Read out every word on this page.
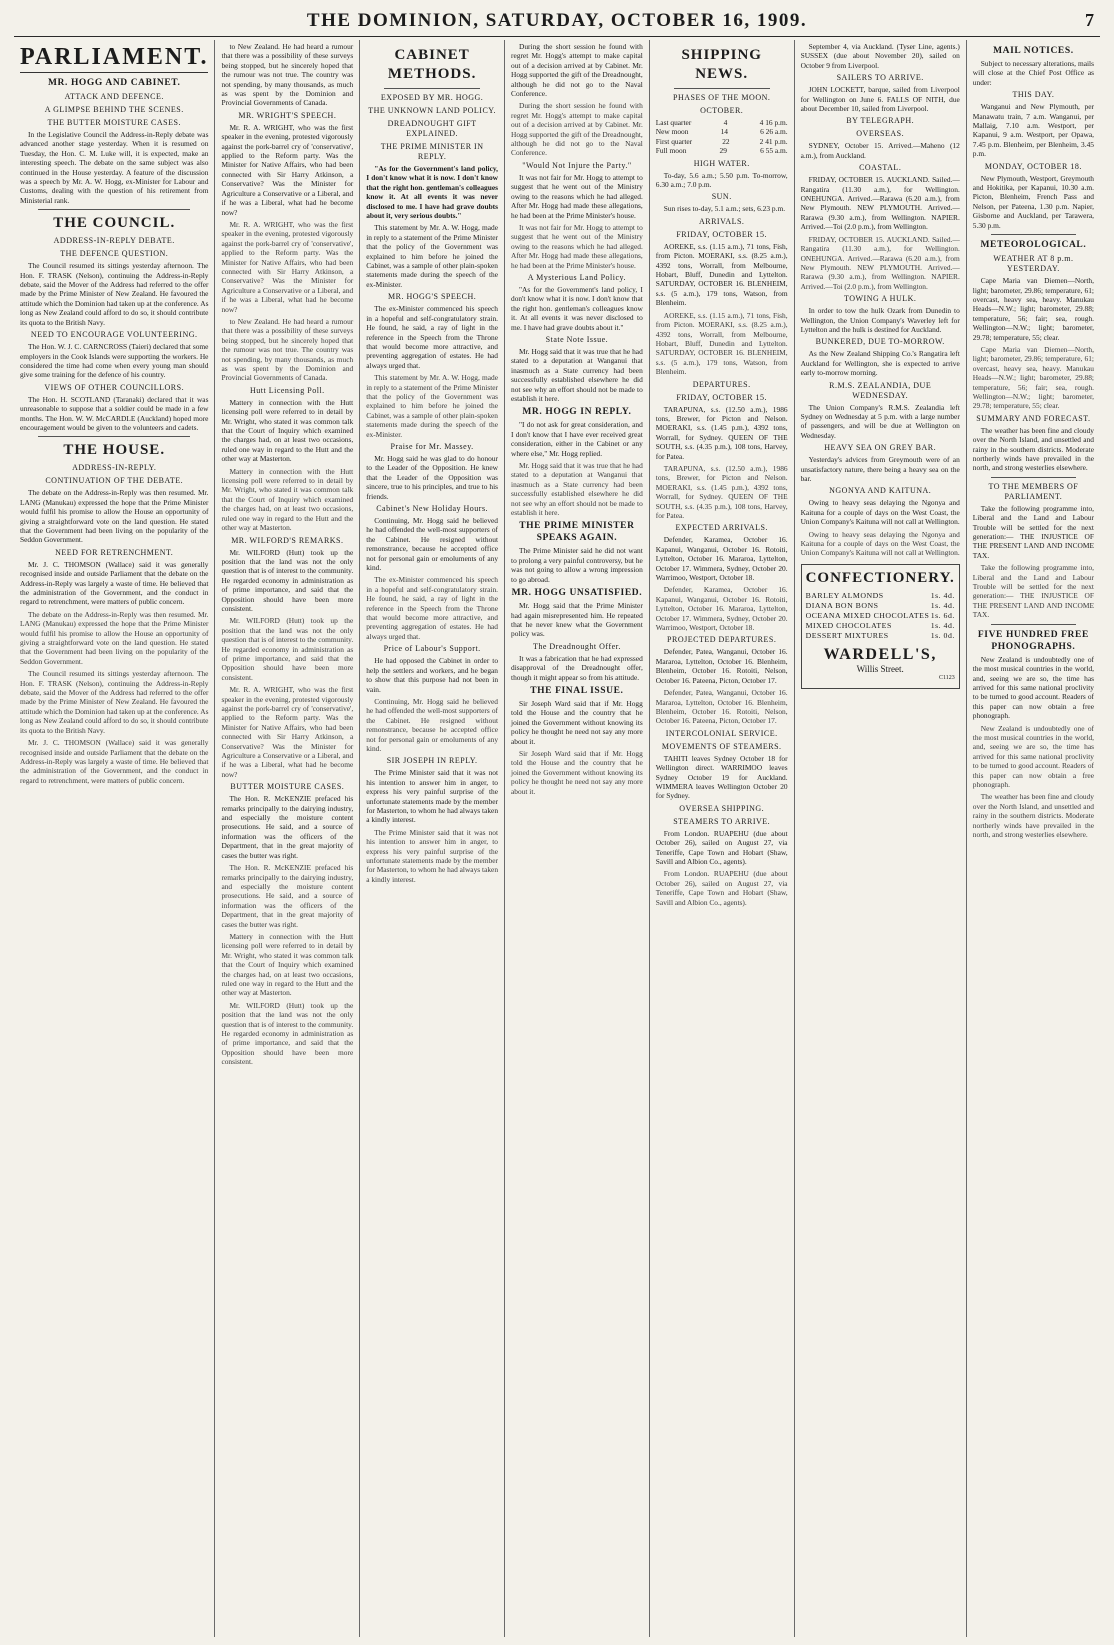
THE DOMINION, SATURDAY, OCTOBER 16, 1909.	7
PARLIAMENT.
MR. HOGG AND CABINET.
ATTACK AND DEFENCE.
A GLIMPSE BEHIND THE SCENES.
THE BUTTER MOISTURE CASES.

In the Legislative Council the Address-in-Reply debate was advanced another stage yesterday. When it is resumed on Tuesday, the Hon. C. M. Luke will, it is expected, make an interesting speech. The debate on the same subject was also continued in the House yesterday. A feature of the discussion was a speech by Mr. A. W. Hogg, ex-Minister for Labour and Customs, dealing with the question of his retirement from Ministerial rank.

THE COUNCIL.
ADDRESS-IN-REPLY DEBATE.
THE DEFENCE QUESTION.

The Council resumed its sittings yesterday afternoon. The Hon. F. TRASK (Nelson), continuing the Address-in-Reply debate, said the Mover of the Address had referred to the offer made by the Prime Minister of New Zealand. He favoured the attitude which the Dominion had taken up at the conference. As long as New Zealand could afford to do so, it should contribute its quota to the British Navy.

NEED TO ENCOURAGE VOLUNTEERING.

The Hon. W. J. C. CARNCROSS (Taieri) declared that some employers in the Cook Islands were supporting the workers. He considered the time had come when every young man should give some training for the defence of his country.

VIEWS OF OTHER COUNCILLORS.

The Hon. H. SCOTLAND (Taranaki) declared that it was unreasonable to suppose that a soldier could be made in a few months. The Hon. W. W. McCARDLE (Auckland) hoped more encouragement would be given to the volunteers and cadets.

THE HOUSE.
ADDRESS-IN-REPLY.
CONTINUATION OF THE DEBATE.

The debate on the Address-in-Reply was then resumed. Mr. LANG (Manukau) expressed the hope that the Prime Minister would fulfil his promise to allow the House an opportunity of giving a straightforward vote on the land question. He stated that the Government had been living on the popularity of the Seddon Government.

NEED FOR RETRENCHMENT.

Mr. J. C. THOMSON (Wallace) said it was generally recognised inside and outside Parliament that the debate on the Address-in-Reply was largely a waste of time. He believed that the administration of the Government, and the conduct in regard to retrenchment, were matters of public concern.

The debate on the Address-in-Reply was then resumed. Mr. LANG (Manukau) expressed the hope that the Prime Minister would fulfil his promise to allow the House an opportunity of giving a straightforward vote on the land question. He stated that the Government had been living on the popularity of the Seddon Government.

The Council resumed its sittings yesterday afternoon. The Hon. F. TRASK (Nelson), continuing the Address-in-Reply debate, said the Mover of the Address had referred to the offer made by the Prime Minister of New Zealand. He favoured the attitude which the Dominion had taken up at the conference. As long as New Zealand could afford to do so, it should contribute its quota to the British Navy.

Mr. J. C. THOMSON (Wallace) said it was generally recognised inside and outside Parliament that the debate on the Address-in-Reply was largely a waste of time. He believed that the administration of the Government, and the conduct in regard to retrenchment, were matters of public concern.

to New Zealand. He had heard a rumour that there was a possibility of these surveys being stopped, but he sincerely hoped that the rumour was not true. The country was not spending, by many thousands, as much as was spent by the Dominion and Provincial Governments of Canada.

MR. WRIGHT'S SPEECH.

Mr. R. A. WRIGHT, who was the first speaker in the evening, protested vigorously against the pork-barrel cry of 'conservative', applied to the Reform party. Was the Minister for Native Affairs, who had been connected with Sir Harry Atkinson, a Conservative? Was the Minister for Agriculture a Conservative or a Liberal, and if he was a Liberal, what had he become now?

Mr. R. A. WRIGHT, who was the first speaker in the evening, protested vigorously against the pork-barrel cry of 'conservative', applied to the Reform party. Was the Minister for Native Affairs, who had been connected with Sir Harry Atkinson, a Conservative? Was the Minister for Agriculture a Conservative or a Liberal, and if he was a Liberal, what had he become now?

to New Zealand. He had heard a rumour that there was a possibility of these surveys being stopped, but he sincerely hoped that the rumour was not true. The country was not spending, by many thousands, as much as was spent by the Dominion and Provincial Governments of Canada.

Hutt Licensing Poll.

Mattery in connection with the Hutt licensing poll were referred to in detail by Mr. Wright, who stated it was common talk that the Court of Inquiry which examined the charges had, on at least two occasions, ruled one way in regard to the Hutt and the other way at Masterton.

Mattery in connection with the Hutt licensing poll were referred to in detail by Mr. Wright, who stated it was common talk that the Court of Inquiry which examined the charges had, on at least two occasions, ruled one way in regard to the Hutt and the other way at Masterton.

MR. WILFORD'S REMARKS.

Mr. WILFORD (Hutt) took up the position that the land was not the only question that is of interest to the community. He regarded economy in administration as of prime importance, and said that the Opposition should have been more consistent.

Mr. WILFORD (Hutt) took up the position that the land was not the only question that is of interest to the community. He regarded economy in administration as of prime importance, and said that the Opposition should have been more consistent.

Mr. R. A. WRIGHT, who was the first speaker in the evening, protested vigorously against the pork-barrel cry of 'conservative', applied to the Reform party. Was the Minister for Native Affairs, who had been connected with Sir Harry Atkinson, a Conservative? Was the Minister for Agriculture a Conservative or a Liberal, and if he was a Liberal, what had he become now?

BUTTER MOISTURE CASES.

The Hon. R. McKENZIE prefaced his remarks principally to the dairying industry, and especially the moisture content prosecutions. He said, and a source of information was the officers of the Department, that in the great majority of cases the butter was right.

The Hon. R. McKENZIE prefaced his remarks principally to the dairying industry, and especially the moisture content prosecutions. He said, and a source of information was the officers of the Department, that in the great majority of cases the butter was right.

Mattery in connection with the Hutt licensing poll were referred to in detail by Mr. Wright, who stated it was common talk that the Court of Inquiry which examined the charges had, on at least two occasions, ruled one way in regard to the Hutt and the other way at Masterton.

Mr. WILFORD (Hutt) took up the position that the land was not the only question that is of interest to the community. He regarded economy in administration as of prime importance, and said that the Opposition should have been more consistent.

CABINET METHODS.
EXPOSED BY MR. HOGG.
THE UNKNOWN LAND POLICY.
DREADNOUGHT GIFT EXPLAINED.
THE PRIME MINISTER IN REPLY.

"As for the Government's land policy, I don't know what it is now. I don't know that the right hon. gentleman's colleagues know it. At all events it was never disclosed to me. I have had grave doubts about it, very serious doubts."

This statement by Mr. A. W. Hogg, made in reply to a statement of the Prime Minister that the policy of the Government was explained to him before he joined the Cabinet, was a sample of other plain-spoken statements made during the speech of the ex-Minister.

MR. HOGG'S SPEECH.

The ex-Minister commenced his speech in a hopeful and self-congratulatory strain. He found, he said, a ray of light in the reference in the Speech from the Throne that would become more attractive, and preventing aggregation of estates. He had always urged that.

This statement by Mr. A. W. Hogg, made in reply to a statement of the Prime Minister that the policy of the Government was explained to him before he joined the Cabinet, was a sample of other plain-spoken statements made during the speech of the ex-Minister.

Praise for Mr. Massey.

Mr. Hogg said he was glad to do honour to the Leader of the Opposition. He knew that the Leader of the Opposition was sincere, true to his principles, and true to his friends.

Cabinet's New Holiday Hours.

Continuing, Mr. Hogg said he believed he had offended the well-most supporters of the Cabinet. He resigned without remonstrance, because he accepted office not for personal gain or emoluments of any kind.

The ex-Minister commenced his speech in a hopeful and self-congratulatory strain. He found, he said, a ray of light in the reference in the Speech from the Throne that would become more attractive, and preventing aggregation of estates. He had always urged that.

Price of Labour's Support.

He had opposed the Cabinet in order to help the settlers and workers, and he began to show that this purpose had not been in vain.

Continuing, Mr. Hogg said he believed he had offended the well-most supporters of the Cabinet. He resigned without remonstrance, because he accepted office not for personal gain or emoluments of any kind.

SIR JOSEPH IN REPLY.

The Prime Minister said that it was not his intention to answer him in anger, to express his very painful surprise of the unfortunate statements made by the member for Masterton, to whom he had always taken a kindly interest.

The Prime Minister said that it was not his intention to answer him in anger, to express his very painful surprise of the unfortunate statements made by the member for Masterton, to whom he had always taken a kindly interest.

During the short session he found with regret Mr. Hogg's attempt to make capital out of a decision arrived at by Cabinet. Mr. Hogg supported the gift of the Dreadnought, although he did not go to the Naval Conference.

During the short session he found with regret Mr. Hogg's attempt to make capital out of a decision arrived at by Cabinet. Mr. Hogg supported the gift of the Dreadnought, although he did not go to the Naval Conference.

"Would Not Injure the Party."

It was not fair for Mr. Hogg to attempt to suggest that he went out of the Ministry owing to the reasons which he had alleged. After Mr. Hogg had made these allegations, he had been at the Prime Minister's house.

It was not fair for Mr. Hogg to attempt to suggest that he went out of the Ministry owing to the reasons which he had alleged. After Mr. Hogg had made these allegations, he had been at the Prime Minister's house.

A Mysterious Land Policy.

"As for the Government's land policy, I don't know what it is now. I don't know that the right hon. gentleman's colleagues know it. At all events it was never disclosed to me. I have had grave doubts about it."

State Note Issue.

Mr. Hogg said that it was true that he had stated to a deputation at Wanganui that inasmuch as a State currency had been successfully established elsewhere he did not see why an effort should not be made to establish it here.

MR. HOGG IN REPLY.

"I do not ask for great consideration, and I don't know that I have ever received great consideration, either in the Cabinet or any where else," Mr. Hogg replied.

Mr. Hogg said that it was true that he had stated to a deputation at Wanganui that inasmuch as a State currency had been successfully established elsewhere he did not see why an effort should not be made to establish it here.

THE PRIME MINISTER SPEAKS AGAIN.

The Prime Minister said he did not want to prolong a very painful controversy, but he was not going to allow a wrong impression to go abroad.

MR. HOGG UNSATISFIED.

Mr. Hogg said that the Prime Minister had again misrepresented him. He repeated that he never knew what the Government policy was.

The Dreadnought Offer.

It was a fabrication that he had expressed disapproval of the Dreadnought offer, though it might appear so from his attitude.

THE FINAL ISSUE.

Sir Joseph Ward said that if Mr. Hogg told the House and the country that he joined the Government without knowing its policy he thought he need not say any more about it.

Sir Joseph Ward said that if Mr. Hogg told the House and the country that he joined the Government without knowing its policy he thought he need not say any more about it.

SHIPPING NEWS.
PHASES OF THE MOON.
OCTOBER.
Last quarter	4	4 16 p.m.
New moon	14	6 26 a.m.
First quarter	22	2 41 p.m.
Full moon	29	6 55 a.m.
HIGH WATER.

To-day, 5.6 a.m.; 5.50 p.m. To-morrow, 6.30 a.m.; 7.0 p.m.

SUN.

Sun rises to-day, 5.1 a.m.; sets, 6.23 p.m.

ARRIVALS.
FRIDAY, OCTOBER 15.

AOREKE, s.s. (1.15 a.m.), 71 tons, Fish, from Picton. MOERAKI, s.s. (8.25 a.m.), 4392 tons, Worrall, from Melbourne, Hobart, Bluff, Dunedin and Lyttelton. SATURDAY, OCTOBER 16. BLENHEIM, s.s. (5 a.m.), 179 tons, Watson, from Blenheim.

AOREKE, s.s. (1.15 a.m.), 71 tons, Fish, from Picton. MOERAKI, s.s. (8.25 a.m.), 4392 tons, Worrall, from Melbourne, Hobart, Bluff, Dunedin and Lyttelton. SATURDAY, OCTOBER 16. BLENHEIM, s.s. (5 a.m.), 179 tons, Watson, from Blenheim.

DEPARTURES.
FRIDAY, OCTOBER 15.

TARAPUNA, s.s. (12.50 a.m.), 1986 tons, Brewer, for Picton and Nelson. MOERAKI, s.s. (1.45 p.m.), 4392 tons, Worrall, for Sydney. QUEEN OF THE SOUTH, s.s. (4.35 p.m.), 108 tons, Harvey, for Patea.

TARAPUNA, s.s. (12.50 a.m.), 1986 tons, Brewer, for Picton and Nelson. MOERAKI, s.s. (1.45 p.m.), 4392 tons, Worrall, for Sydney. QUEEN OF THE SOUTH, s.s. (4.35 p.m.), 108 tons, Harvey, for Patea.

EXPECTED ARRIVALS.

Defender, Karamea, October 16. Kapanui, Wanganui, October 16. Rotoiti, Lyttelton, October 16. Mararoa, Lyttelton, October 17. Wimmera, Sydney, October 20. Warrimoo, Westport, October 18.

Defender, Karamea, October 16. Kapanui, Wanganui, October 16. Rotoiti, Lyttelton, October 16. Mararoa, Lyttelton, October 17. Wimmera, Sydney, October 20. Warrimoo, Westport, October 18.

PROJECTED DEPARTURES.

Defender, Patea, Wanganui, October 16. Mararoa, Lyttelton, October 16. Blenheim, Blenheim, October 16. Rotoiti, Nelson, October 16. Pateena, Picton, October 17.

Defender, Patea, Wanganui, October 16. Mararoa, Lyttelton, October 16. Blenheim, Blenheim, October 16. Rotoiti, Nelson, October 16. Pateena, Picton, October 17.

INTERCOLONIAL SERVICE.
MOVEMENTS OF STEAMERS.

TAHITI leaves Sydney October 18 for Wellington direct. WARRIMOO leaves Sydney October 19 for Auckland. WIMMERA leaves Wellington October 20 for Sydney.

OVERSEA SHIPPING.
STEAMERS TO ARRIVE.

From London. RUAPEHU (due about October 26), sailed on August 27, via Teneriffe, Cape Town and Hobart (Shaw, Savill and Albion Co., agents).

From London. RUAPEHU (due about October 26), sailed on August 27, via Teneriffe, Cape Town and Hobart (Shaw, Savill and Albion Co., agents).

September 4, via Auckland. (Tyser Line, agents.) SUSSEX (due about November 20), sailed on October 9 from Liverpool.

SAILERS TO ARRIVE.

JOHN LOCKETT, barque, sailed from Liverpool for Wellington on June 6. FALLS OF NITH, due about December 10, sailed from Liverpool.

BY TELEGRAPH.
OVERSEAS.

SYDNEY, October 15. Arrived.—Maheno (12 a.m.), from Auckland.

COASTAL.

FRIDAY, OCTOBER 15. AUCKLAND. Sailed.—Rangatira (11.30 a.m.), for Wellington. ONEHUNGA. Arrived.—Rarawa (6.20 a.m.), from New Plymouth. NEW PLYMOUTH. Arrived.—Rarawa (9.30 a.m.), from Wellington. NAPIER. Arrived.—Toi (2.0 p.m.), from Wellington.

FRIDAY, OCTOBER 15. AUCKLAND. Sailed.—Rangatira (11.30 a.m.), for Wellington. ONEHUNGA. Arrived.—Rarawa (6.20 a.m.), from New Plymouth. NEW PLYMOUTH. Arrived.—Rarawa (9.30 a.m.), from Wellington. NAPIER. Arrived.—Toi (2.0 p.m.), from Wellington.

TOWING A HULK.

In order to tow the hulk Ozark from Dunedin to Wellington, the Union Company's Waverley left for Lyttelton and the hulk is destined for Auckland.

BUNKERED, DUE TO-MORROW.

As the New Zealand Shipping Co.'s Rangatira left Auckland for Wellington, she is expected to arrive early to-morrow morning.

R.M.S. ZEALANDIA, DUE WEDNESDAY.

The Union Company's R.M.S. Zealandia left Sydney on Wednesday at 5 p.m. with a large number of passengers, and will be due at Wellington on Wednesday.

HEAVY SEA ON GREY BAR.

Yesterday's advices from Greymouth were of an unsatisfactory nature, there being a heavy sea on the bar.

NGONYA AND KAITUNA.

Owing to heavy seas delaying the Ngonya and Kaituna for a couple of days on the West Coast, the Union Company's Kaituna will not call at Wellington.

Owing to heavy seas delaying the Ngonya and Kaituna for a couple of days on the West Coast, the Union Company's Kaituna will not call at Wellington.

CONFECTIONERY.
BARLEY ALMONDS	1s. 4d.
DIANA BON BONS	1s. 4d.
OCEANA MIXED CHOCOLATES 1s. 6d.
MIXED CHOCOLATES	1s. 4d.
DESSERT MIXTURES	1s. 0d.
WARDELL'S,
Willis Street.
C1123
MAIL NOTICES.

Subject to necessary alterations, mails will close at the Chief Post Office as under:

THIS DAY.

Wanganui and New Plymouth, per Manawatu train, 7 a.m. Wanganui, per Mallaig, 7.10 a.m. Westport, per Kapanui, 9 a.m. Westport, per Opawa, 7.45 p.m. Blenheim, per Blenheim, 3.45 p.m.

MONDAY, OCTOBER 18.

New Plymouth, Westport, Greymouth and Hokitika, per Kapanui, 10.30 a.m. Picton, Blenheim, French Pass and Nelson, per Pateena, 1.30 p.m. Napier, Gisborne and Auckland, per Tarawera, 5.30 p.m.

METEOROLOGICAL.
WEATHER AT 8 p.m. YESTERDAY.

Cape Maria van Diemen—North, light; barometer, 29.86; temperature, 61; overcast, heavy sea, heavy. Manukau Heads—N.W.; light; barometer, 29.88; temperature, 56; fair; sea, rough. Wellington—N.W.; light; barometer, 29.78; temperature, 55; clear.

Cape Maria van Diemen—North, light; barometer, 29.86; temperature, 61; overcast, heavy sea, heavy. Manukau Heads—N.W.; light; barometer, 29.88; temperature, 56; fair; sea, rough. Wellington—N.W.; light; barometer, 29.78; temperature, 55; clear.

SUMMARY AND FORECAST.

The weather has been fine and cloudy over the North Island, and unsettled and rainy in the southern districts. Moderate northerly winds have prevailed in the north, and strong westerlies elsewhere.

TO THE MEMBERS OF PARLIAMENT.

Take the following programme into, Liberal and the Land and Labour Trouble will be settled for the next generation:— THE INJUSTICE OF THE PRESENT LAND AND INCOME TAX.

Take the following programme into, Liberal and the Land and Labour Trouble will be settled for the next generation:— THE INJUSTICE OF THE PRESENT LAND AND INCOME TAX.

FIVE HUNDRED FREE PHONOGRAPHS.

New Zealand is undoubtedly one of the most musical countries in the world, and, seeing we are so, the time has arrived for this same national proclivity to be turned to good account. Readers of this paper can now obtain a free phonograph.

New Zealand is undoubtedly one of the most musical countries in the world, and, seeing we are so, the time has arrived for this same national proclivity to be turned to good account. Readers of this paper can now obtain a free phonograph.

The weather has been fine and cloudy over the North Island, and unsettled and rainy in the southern districts. Moderate northerly winds have prevailed in the north, and strong westerlies elsewhere.
